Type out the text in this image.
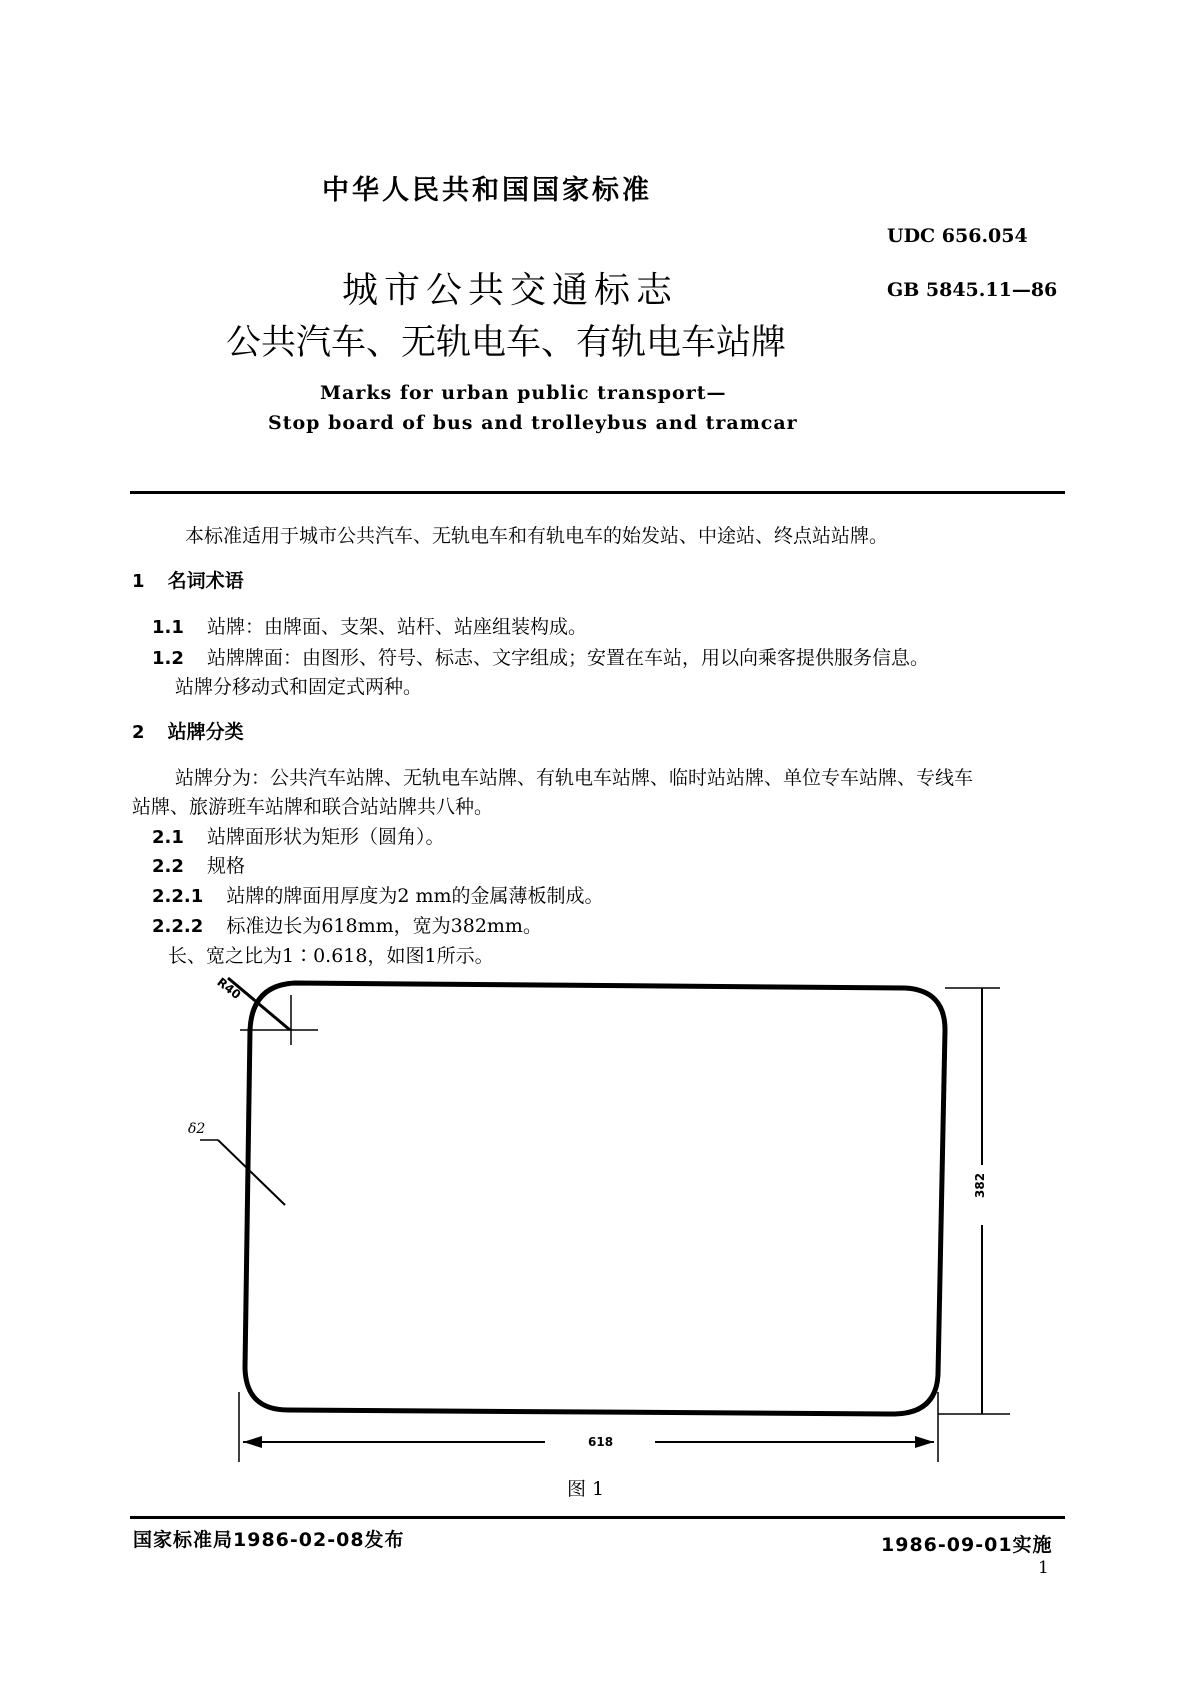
中华人民共和国国家标准
UDC 656.054
GB 5845.11—86
城市公共交通标志
公共汽车、无轨电车、有轨电车站牌
Marks for urban public transport—
Stop board of bus and trolleybus and tramcar
本标准适用于城市公共汽车、无轨电车和有轨电车的始发站、中途站、终点站站牌。
1 名词术语
1.1 站牌：由牌面、支架、站杆、站座组装构成。
1.2 站牌牌面：由图形、符号、标志、文字组成；安置在车站，用以向乘客提供服务信息。
站牌分移动式和固定式两种。
2 站牌分类
站牌分为：公共汽车站牌、无轨电车站牌、有轨电车站牌、临时站站牌、单位专车站牌、专线车
站牌、旅游班车站牌和联合站站牌共八种。
2.1 站牌面形状为矩形（圆角）。
2.2 规格
2.2.1 站牌的牌面用厚度为2 mm的金属薄板制成。
2.2.2 标准边长为618mm，宽为382mm。
长、宽之比为1∶0.618，如图1所示。
R40
δ2
382
618
图 1
国家标准局1986-02-08发布	1986-09-01实施
1
